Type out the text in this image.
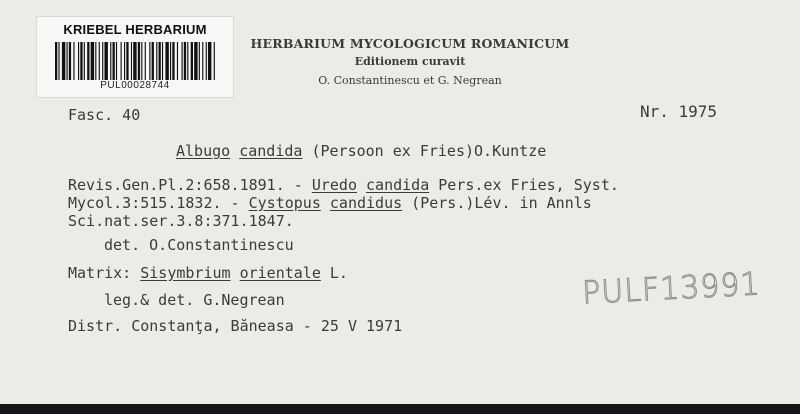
KRIEBEL HERBARIUM
PUL00028744
HERBARIUM MYCOLOGICUM ROMANICUM
Editionem curavit
O. Constantinescu et G. Negrean
Fasc. 40	Nr. 1975
Albugo candida (Persoon ex Fries)O.Kuntze
Revis.Gen.Pl.2:658.1891. - Uredo candida Pers.ex Fries, Syst.
Mycol.3:515.1832. - Cystopus candidus (Pers.)Lév. in Annls
Sci.nat.ser.3.8:371.1847.
det. O.Constantinescu
Matrix: Sisymbrium orientale L.
leg.& det. G.Negrean
Distr. Constanţa, Băneasa - 25 V 1971
PULF13991
